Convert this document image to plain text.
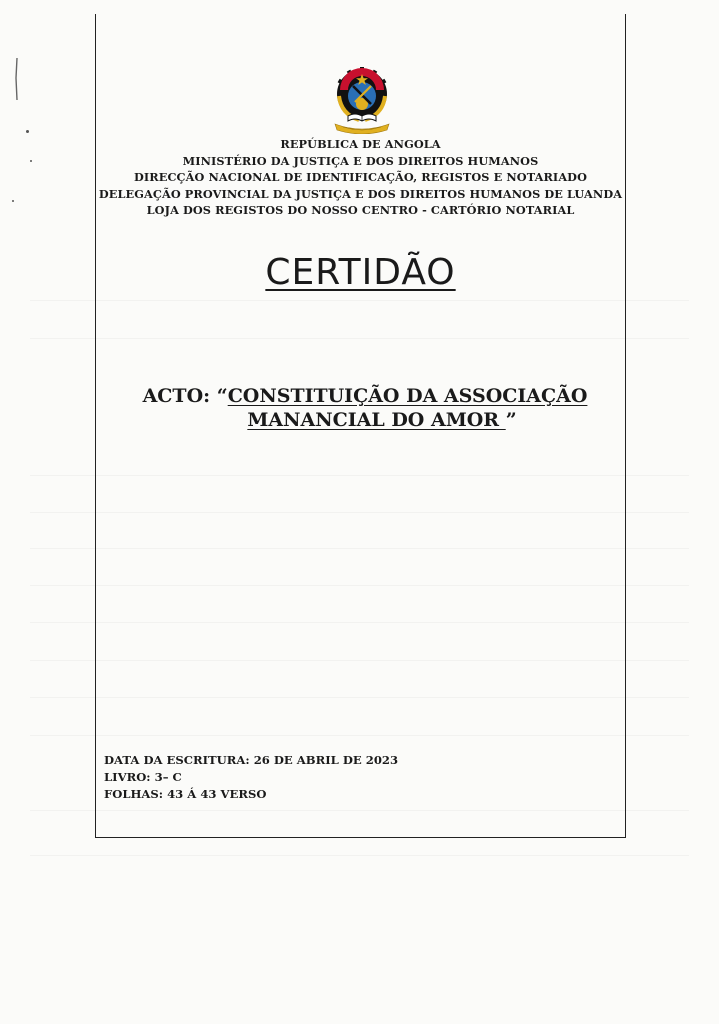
REPÚBLICA DE ANGOLA
MINISTÉRIO DA JUSTIÇA E DOS DIREITOS HUMANOS
DIRECÇÃO NACIONAL DE IDENTIFICAÇÃO, REGISTOS E NOTARIADO
DELEGAÇÃO PROVINCIAL DA JUSTIÇA E DOS DIREITOS HUMANOS DE LUANDA
LOJA DOS REGISTOS DO NOSSO CENTRO - CARTÓRIO NOTARIAL
CERTIDÃO
ACTO: “CONSTITUIÇÃO DA ASSOCIAÇÃO
MANANCIAL DO AMOR ”
DATA DA ESCRITURA: 26 DE ABRIL DE 2023
LIVRO: 3– C
FOLHAS: 43 Á 43 VERSO
